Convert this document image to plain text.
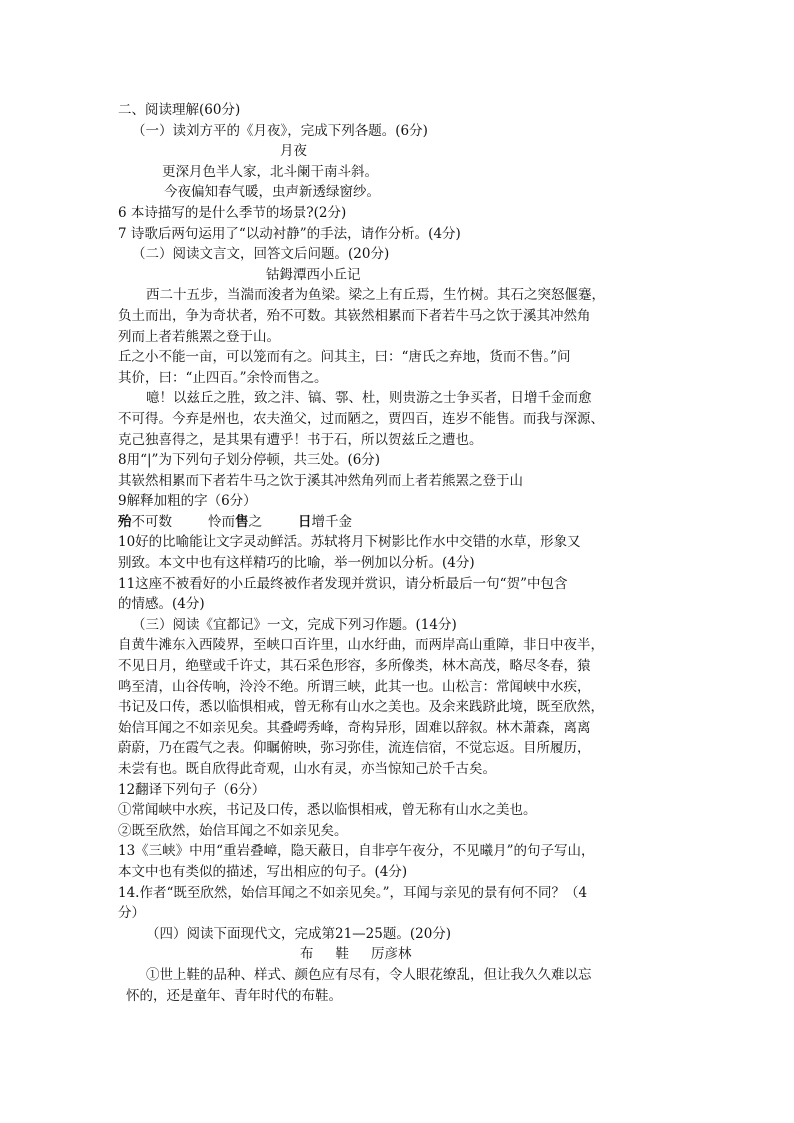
二、阅读理解(60分)
（一）读刘方平的《月夜》，完成下列各题。(6分)
月夜
更深月色半人家，北斗阑干南斗斜。
今夜偏知春气暖，虫声新透绿窗纱。
6 本诗描写的是什么季节的场景?(2分)
7 诗歌后两句运用了“以动衬静”的手法，请作分析。(4分)
（二）阅读文言文，回答文后问题。(20分)
钴鉧潭西小丘记
西二十五步，当湍而浚者为鱼梁。梁之上有丘焉，生竹树。其石之突怒偃蹇，
负土而出，争为奇状者，殆不可数。其嵚然相累而下者若牛马之饮于溪其冲然角
列而上者若熊罴之登于山。
丘之小不能一亩，可以笼而有之。问其主，曰：“唐氏之弃地，货而不售。”问
其价，曰：“止四百。”余怜而售之。
噫！以兹丘之胜，致之沣、镐、鄠、杜，则贵游之士争买者，日增千金而愈
不可得。今弃是州也，农夫渔父，过而陋之，贾四百，连岁不能售。而我与深源、
克己独喜得之，是其果有遭乎！书于石，所以贺兹丘之遭也。
8用“|”为下列句子划分停顿，共三处。(6分)
其嵚然相累而下者若牛马之饮于溪其冲然角列而上者若熊罴之登于山
9解释加粗的字（6分）
殆不可数	怜而售之	日增千金
10好的比喻能让文字灵动鲜活。苏轼将月下树影比作水中交错的水草，形象又
别致。本文中也有这样精巧的比喻，举一例加以分析。(4分)
11这座不被看好的小丘最终被作者发现并赏识，请分析最后一句“贺”中包含
的情感。(4分)
（三）阅读《宜都记》一文，完成下列习作题。(14分)
自黄牛滩东入西陵界，至峡口百许里，山水纡曲，而两岸高山重障，非日中夜半，
不见日月，绝壁或千许丈，其石采色形容，多所像类，林木高茂，略尽冬春，猿
鸣至清，山谷传响，泠泠不绝。所谓三峡，此其一也。山松言：常闻峡中水疾，
书记及口传，悉以临惧相戒，曾无称有山水之美也。及余来践跻此境，既至欣然，
始信耳闻之不如亲见矣。其叠崿秀峰，奇构异形，固难以辞叙。林木萧森，离离
蔚蔚，乃在霞气之表。仰瞩俯映，弥习弥佳，流连信宿，不觉忘返。目所履历，
未尝有也。既自欣得此奇观，山水有灵，亦当惊知己於千古矣。
12翻译下列句子（6分）
①常闻峡中水疾，书记及口传，悉以临惧相戒，曾无称有山水之美也。
②既至欣然，始信耳闻之不如亲见矣。
13《三峡》中用“重岩叠嶂，隐天蔽日，自非亭午夜分，不见曦月”的句子写山，
本文中也有类似的描述，写出相应的句子。(4分)
14.作者“既至欣然，始信耳闻之不如亲见矣。”，耳闻与亲见的景有何不同？（4
分）
（四）阅读下面现代文，完成第21—25题。(20分)
布 鞋 厉彦林
①世上鞋的品种、样式、颜色应有尽有，令人眼花缭乱，但让我久久难以忘
怀的，还是童年、青年时代的布鞋。
